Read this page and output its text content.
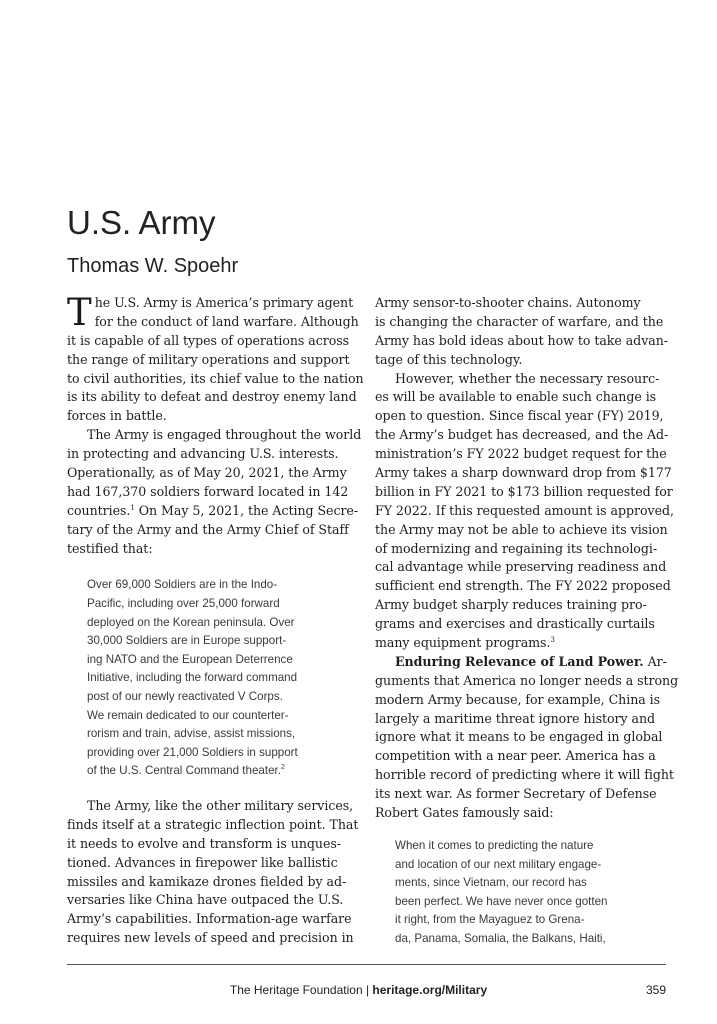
U.S. Army
Thomas W. Spoehr
T he U.S. Army is America’s primary agent
for the conduct of land warfare. Although
it is capable of all types of operations across
the range of military operations and support
to civil authorities, its chief value to the nation
is its ability to defeat and destroy enemy land
forces in battle.
The Army is engaged throughout the world
in protecting and advancing U.S. interests.
Operationally, as of May 20, 2021, the Army
had 167,370 soldiers forward located in 142
countries.$^1$ On May 5, 2021, the Acting Secre-
tary of the Army and the Army Chief of Staff
testified that:
Over 69,000 Soldiers are in the Indo-
Pacific, including over 25,000 forward
deployed on the Korean peninsula. Over
30,000 Soldiers are in Europe support-
ing NATO and the European Deterrence
Initiative, including the forward command
post of our newly reactivated V Corps.
We remain dedicated to our counterter-
rorism and train, advise, assist missions,
providing over 21,000 Soldiers in support
of the U.S. Central Command theater.$^2$
The Army, like the other military services,
finds itself at a strategic inflection point. That
it needs to evolve and transform is unques-
tioned. Advances in firepower like ballistic
missiles and kamikaze drones fielded by ad-
versaries like China have outpaced the U.S.
Army’s capabilities. Information-age warfare
requires new levels of speed and precision in
Army sensor-to-shooter chains. Autonomy
is changing the character of warfare, and the
Army has bold ideas about how to take advan-
tage of this technology.
However, whether the necessary resourc-
es will be available to enable such change is
open to question. Since fiscal year (FY) 2019,
the Army’s budget has decreased, and the Ad-
ministration’s FY 2022 budget request for the
Army takes a sharp downward drop from $177
billion in FY 2021 to $173 billion requested for
FY 2022. If this requested amount is approved,
the Army may not be able to achieve its vision
of modernizing and regaining its technologi-
cal advantage while preserving readiness and
sufficient end strength. The FY 2022 proposed
Army budget sharply reduces training pro-
grams and exercises and drastically curtails
many equipment programs.$^3$
Enduring Relevance of Land Power. Ar-
guments that America no longer needs a strong
modern Army because, for example, China is
largely a maritime threat ignore history and
ignore what it means to be engaged in global
competition with a near peer. America has a
horrible record of predicting where it will fight
its next war. As former Secretary of Defense
Robert Gates famously said:
When it comes to predicting the nature
and location of our next military engage-
ments, since Vietnam, our record has
been perfect. We have never once gotten
it right, from the Mayaguez to Grena-
da, Panama, Somalia, the Balkans, Haiti,
The Heritage Foundation | heritage.org/Military	359
